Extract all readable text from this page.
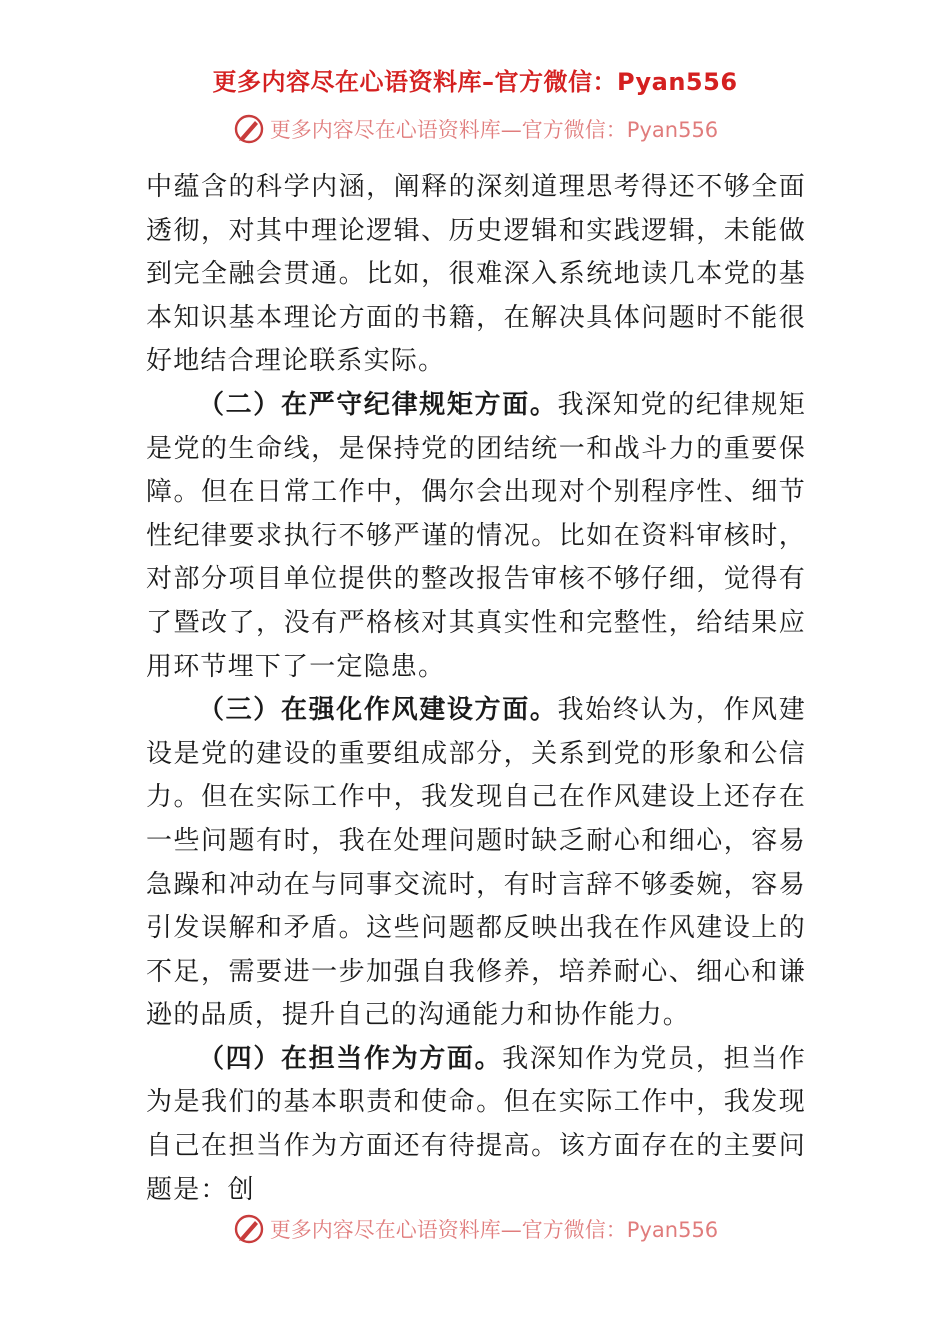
更多内容尽在心语资料库–官方微信：Pyan556
更多内容尽在心语资料库—官方微信：Pyan556

中蕴含的科学内涵，阐释的深刻道理思考得还不够全面透彻，对其中理论逻辑、历史逻辑和实践逻辑，未能做到完全融会贯通。比如，很难深入系统地读几本党的基本知识基本理论方面的书籍，在解决具体问题时不能很好地结合理论联系实际。

（二）在严守纪律规矩方面。我深知党的纪律规矩是党的生命线，是保持党的团结统一和战斗力的重要保障。但在日常工作中，偶尔会出现对个别程序性、细节性纪律要求执行不够严谨的情况。比如在资料审核时，对部分项目单位提供的整改报告审核不够仔细，觉得有了暨改了，没有严格核对其真实性和完整性，给结果应用环节埋下了一定隐患。

（三）在强化作风建设方面。我始终认为，作风建设是党的建设的重要组成部分，关系到党的形象和公信力。但在实际工作中，我发现自己在作风建设上还存在一些问题有时，我在处理问题时缺乏耐心和细心，容易急躁和冲动在与同事交流时，有时言辞不够委婉，容易引发误解和矛盾。这些问题都反映出我在作风建设上的不足，需要进一步加强自我修养，培养耐心、细心和谦逊的品质，提升自己的沟通能力和协作能力。

（四）在担当作为方面。我深知作为党员，担当作为是我们的基本职责和使命。但在实际工作中，我发现自己在担当作为方面还有待提高。该方面存在的主要问题是：创

更多内容尽在心语资料库—官方微信：Pyan556
